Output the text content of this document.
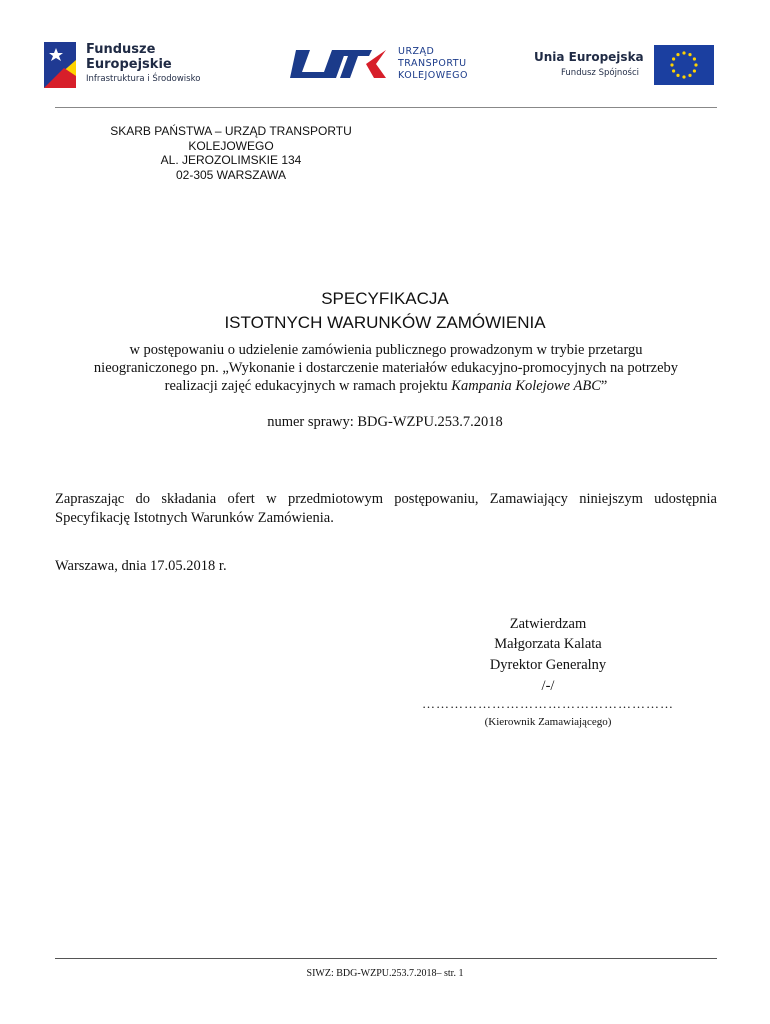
Fundusze
Europejskie
Infrastruktura i Środowisko
URZĄD
TRANSPORTU
KOLEJOWEGO
Unia Europejska
Fundusz Spójności
SKARB PAŃSTWA – URZĄD TRANSPORTU KOLEJOWEGO
AL. JEROZOLIMSKIE 134
02-305 WARSZAWA
SPECYFIKACJA
ISTOTNYCH WARUNKÓW ZAMÓWIENIA
w postępowaniu o udzielenie zamówienia publicznego prowadzonym w trybie przetargu
nieograniczonego pn. „Wykonanie i dostarczenie materiałów edukacyjno-promocyjnych na potrzeby
realizacji zajęć edukacyjnych w ramach projektu Kampania Kolejowe ABC”
numer sprawy: BDG-WZPU.253.7.2018
Zapraszając do składania ofert w przedmiotowym postępowaniu, Zamawiający niniejszym udostępnia
Specyfikację Istotnych Warunków Zamówienia.
Warszawa, dnia 17.05.2018 r.
Zatwierdzam
Małgorzata Kalata
Dyrektor Generalny
/-/
………………………………………………
(Kierownik Zamawiającego)
SIWZ: BDG-WZPU.253.7.2018– str. 1
